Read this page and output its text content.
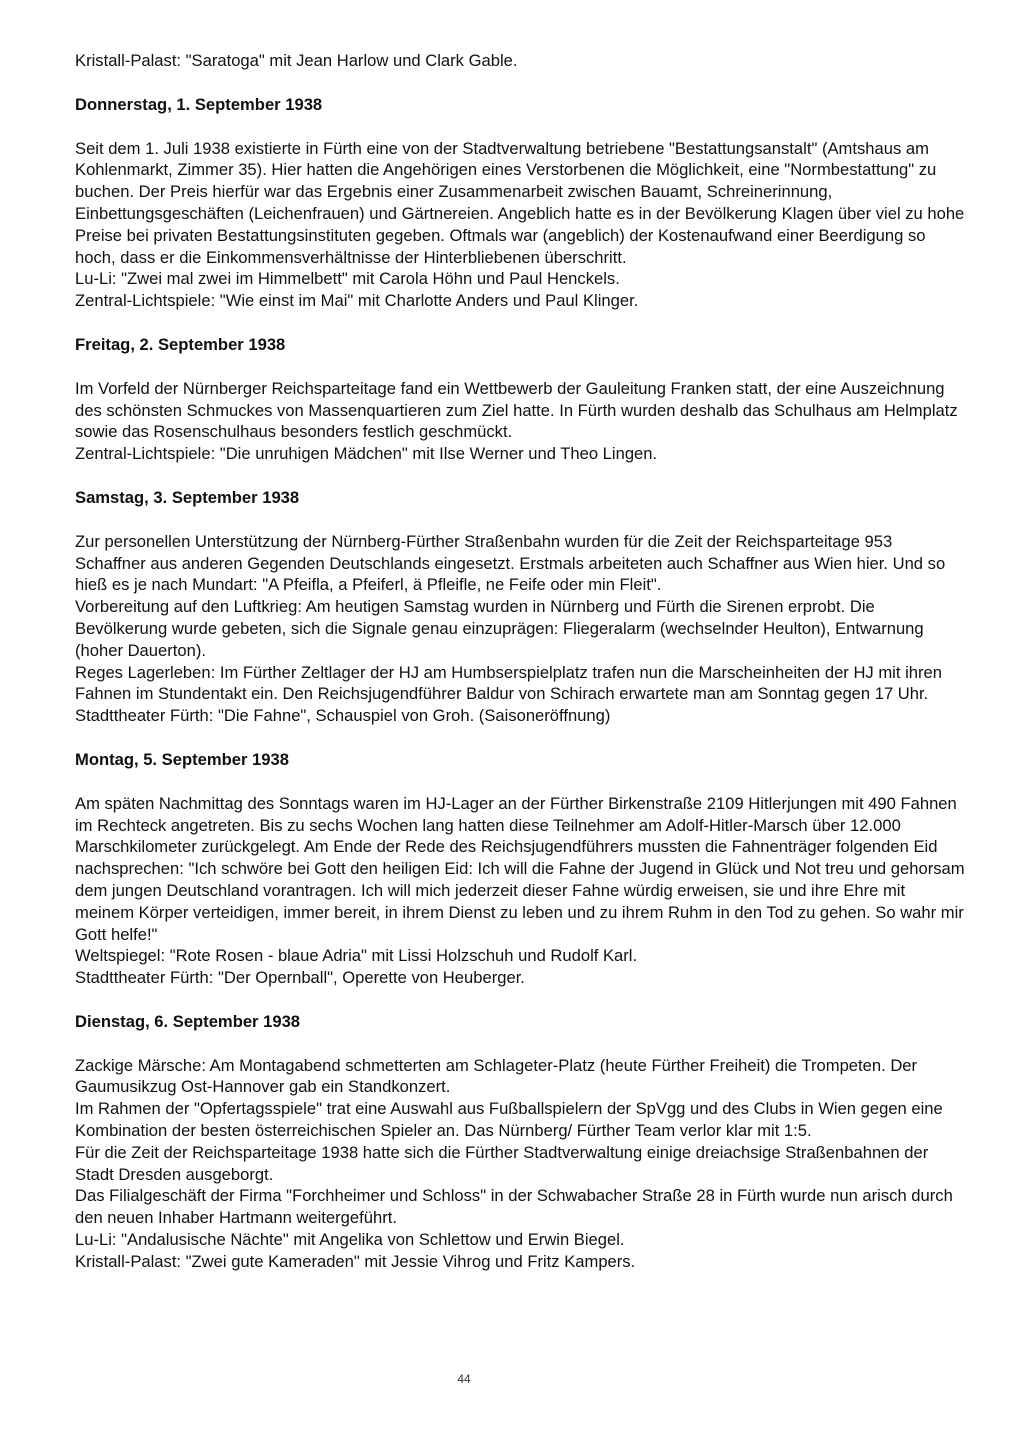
Kristall-Palast: "Saratoga" mit Jean Harlow und Clark Gable.

Donnerstag, 1. September 1938

Seit dem 1. Juli 1938 existierte in Fürth eine von der Stadtverwaltung betriebene "Bestattungsanstalt" (Amtshaus am Kohlenmarkt, Zimmer 35). Hier hatten die Angehörigen eines Verstorbenen die Möglichkeit, eine "Normbestattung" zu buchen. Der Preis hierfür war das Ergebnis einer Zusammenarbeit zwischen Bauamt, Schreinerinnung, Einbettungsgeschäften (Leichenfrauen) und Gärtnereien. Angeblich hatte es in der Bevölkerung Klagen über viel zu hohe Preise bei privaten Bestattungsinstituten gegeben. Oftmals war (angeblich) der Kostenaufwand einer Beerdigung so hoch, dass er die Einkommensverhältnisse der Hinterbliebenen überschritt.

Lu-Li: "Zwei mal zwei im Himmelbett" mit Carola Höhn und Paul Henckels.

Zentral-Lichtspiele: "Wie einst im Mai" mit Charlotte Anders und Paul Klinger.

Freitag, 2. September 1938

Im Vorfeld der Nürnberger Reichsparteitage fand ein Wettbewerb der Gauleitung Franken statt, der eine Auszeichnung des schönsten Schmuckes von Massenquartieren zum Ziel hatte. In Fürth wurden deshalb das Schulhaus am Helmplatz sowie das Rosenschulhaus besonders festlich geschmückt.

Zentral-Lichtspiele: "Die unruhigen Mädchen" mit Ilse Werner und Theo Lingen.

Samstag, 3. September 1938

Zur personellen Unterstützung der Nürnberg-Fürther Straßenbahn wurden für die Zeit der Reichsparteitage 953 Schaffner aus anderen Gegenden Deutschlands eingesetzt. Erstmals arbeiteten auch Schaffner aus Wien hier. Und so hieß es je nach Mundart: "A Pfeifla, a Pfeiferl, ä Pfleifle, ne Feife oder min Fleit".

Vorbereitung auf den Luftkrieg: Am heutigen Samstag wurden in Nürnberg und Fürth die Sirenen erprobt. Die Bevölkerung wurde gebeten, sich die Signale genau einzuprägen: Fliegeralarm (wechselnder Heulton), Entwarnung (hoher Dauerton).

Reges Lagerleben: Im Fürther Zeltlager der HJ am Humbserspielplatz trafen nun die Marscheinheiten der HJ mit ihren Fahnen im Stundentakt ein. Den Reichsjugendführer Baldur von Schirach erwartete man am Sonntag gegen 17 Uhr.

Stadttheater Fürth: "Die Fahne", Schauspiel von Groh. (Saisoneröffnung)

Montag, 5. September 1938

Am späten Nachmittag des Sonntags waren im HJ-Lager an der Fürther Birkenstraße 2109 Hitlerjungen mit 490 Fahnen im Rechteck angetreten. Bis zu sechs Wochen lang hatten diese Teilnehmer am Adolf-Hitler-Marsch über 12.000 Marschkilometer zurückgelegt. Am Ende der Rede des Reichsjugendführers mussten die Fahnenträger folgenden Eid nachsprechen: "Ich schwöre bei Gott den heiligen Eid: Ich will die Fahne der Jugend in Glück und Not treu und gehorsam dem jungen Deutschland vorantragen. Ich will mich jederzeit dieser Fahne würdig erweisen, sie und ihre Ehre mit meinem Körper verteidigen, immer bereit, in ihrem Dienst zu leben und zu ihrem Ruhm in den Tod zu gehen. So wahr mir Gott helfe!"

Weltspiegel: "Rote Rosen - blaue Adria" mit Lissi Holzschuh und Rudolf Karl.

Stadttheater Fürth: "Der Opernball", Operette von Heuberger.

Dienstag, 6. September 1938

Zackige Märsche: Am Montagabend schmetterten am Schlageter-Platz (heute Fürther Freiheit) die Trompeten. Der Gaumusikzug Ost-Hannover gab ein Standkonzert.

Im Rahmen der "Opfertagsspiele" trat eine Auswahl aus Fußballspielern der SpVgg und des Clubs in Wien gegen eine Kombination der besten österreichischen Spieler an. Das Nürnberg/ Fürther Team verlor klar mit 1:5.

Für die Zeit der Reichsparteitage 1938 hatte sich die Fürther Stadtverwaltung einige dreiachsige Straßenbahnen der Stadt Dresden ausgeborgt.

Das Filialgeschäft der Firma "Forchheimer und Schloss" in der Schwabacher Straße 28 in Fürth wurde nun arisch durch den neuen Inhaber Hartmann weitergeführt.

Lu-Li: "Andalusische Nächte" mit Angelika von Schlettow und Erwin Biegel.

Kristall-Palast: "Zwei gute Kameraden" mit Jessie Vihrog und Fritz Kampers.

44
